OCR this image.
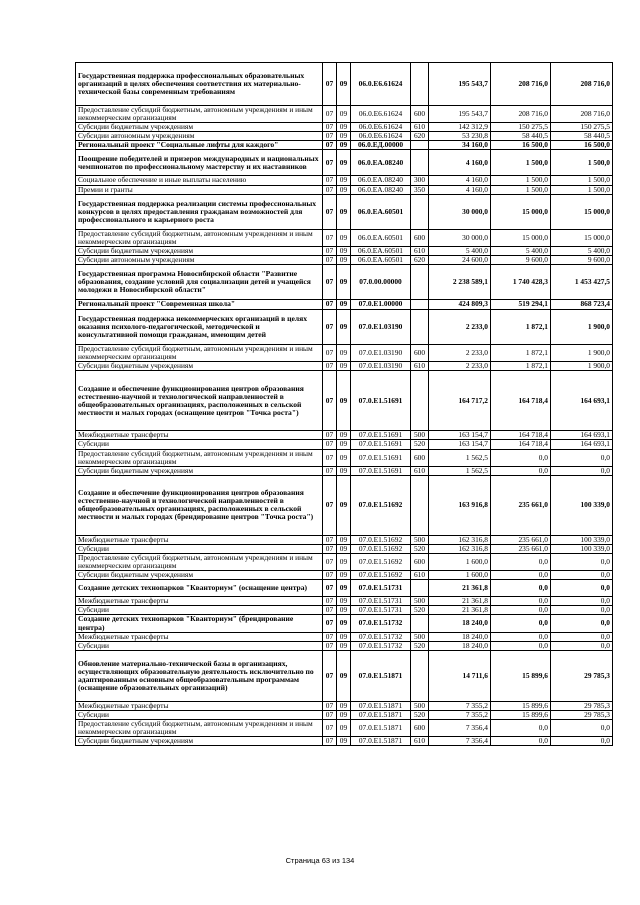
Государственная поддержка профессиональных образовательных организаций в целях обеспечения соответствия их материально-технической базы современным требованиям	07	09	06.0.Е6.61624		195 543,7	208 716,0	208 716,0
Предоставление субсидий бюджетным, автономным учреждениям и иным некоммерческим организациям	07	09	06.0.Е6.61624	600	195 543,7	208 716,0	208 716,0
Субсидии бюджетным учреждениям	07	09	06.0.Е6.61624	610	142 312,9	150 275,5	150 275,5
Субсидии автономным учреждениям	07	09	06.0.Е6.61624	620	53 230,8	58 440,5	58 440,5
Региональный проект "Социальные лифты для каждого"	07	09	06.0.ЕД.00000		34 160,0	16 500,0	16 500,0
Поощрение победителей и призеров международных и национальных чемпионатов по профессиональному мастерству и их наставников	07	09	06.0.ЕА.08240		4 160,0	1 500,0	1 500,0
Социальное обеспечение и иные выплаты населению	07	09	06.0.ЕА.08240	300	4 160,0	1 500,0	1 500,0
Премии и гранты	07	09	06.0.ЕА.08240	350	4 160,0	1 500,0	1 500,0
Государственная поддержка реализации системы профессиональных конкурсов в целях предоставления гражданам возможностей для профессионального и карьерного роста	07	09	06.0.ЕА.60501		30 000,0	15 000,0	15 000,0
Предоставление субсидий бюджетным, автономным учреждениям и иным некоммерческим организациям	07	09	06.0.ЕА.60501	600	30 000,0	15 000,0	15 000,0
Субсидии бюджетным учреждениям	07	09	06.0.ЕА.60501	610	5 400,0	5 400,0	5 400,0
Субсидии автономным учреждениям	07	09	06.0.ЕА.60501	620	24 600,0	9 600,0	9 600,0
Государственная программа Новосибирской области "Развитие образования, создание условий для социализации детей и учащейся молодежи в Новосибирской области"	07	09	07.0.00.00000		2 238 589,1	1 740 428,3	1 453 427,5
Региональный проект "Современная школа"	07	09	07.0.Е1.00000		424 809,3	519 294,1	868 723,4
Государственная поддержка некоммерческих организаций в целях оказания психолого-педагогической, методической и консультативной помощи гражданам, имеющим детей	07	09	07.0.Е1.03190		2 233,0	1 872,1	1 900,0
Предоставление субсидий бюджетным, автономным учреждениям и иным некоммерческим организациям	07	09	07.0.Е1.03190	600	2 233,0	1 872,1	1 900,0
Субсидии бюджетным учреждениям	07	09	07.0.Е1.03190	610	2 233,0	1 872,1	1 900,0
Создание и обеспечение функционирования центров образования естественно-научной и технологической направленностей в общеобразовательных организациях, расположенных в сельской местности и малых городах (оснащение центров "Точка роста")	07	09	07.0.Е1.51691		164 717,2	164 718,4	164 693,1
Межбюджетные трансферты	07	09	07.0.Е1.51691	500	163 154,7	164 718,4	164 693,1
Субсидии	07	09	07.0.Е1.51691	520	163 154,7	164 718,4	164 693,1
Предоставление субсидий бюджетным, автономным учреждениям и иным некоммерческим организациям	07	09	07.0.Е1.51691	600	1 562,5	0,0	0,0
Субсидии бюджетным учреждениям	07	09	07.0.Е1.51691	610	1 562,5	0,0	0,0
Создание и обеспечение функционирования центров образования естественно-научной и технологической направленностей в общеобразовательных организациях, расположенных в сельской местности и малых городах (брендирование центров "Точка роста")	07	09	07.0.Е1.51692		163 916,8	235 661,0	100 339,0
Межбюджетные трансферты	07	09	07.0.Е1.51692	500	162 316,8	235 661,0	100 339,0
Субсидии	07	09	07.0.Е1.51692	520	162 316,8	235 661,0	100 339,0
Предоставление субсидий бюджетным, автономным учреждениям и иным некоммерческим организациям	07	09	07.0.Е1.51692	600	1 600,0	0,0	0,0
Субсидии бюджетным учреждениям	07	09	07.0.Е1.51692	610	1 600,0	0,0	0,0
Создание детских технопарков "Кванториум" (оснащение центра)	07	09	07.0.Е1.51731		21 361,8	0,0	0,0
Межбюджетные трансферты	07	09	07.0.Е1.51731	500	21 361,8	0,0	0,0
Субсидии	07	09	07.0.Е1.51731	520	21 361,8	0,0	0,0
Создание детских технопарков "Кванториум" (брендирование центра)	07	09	07.0.Е1.51732		18 240,0	0,0	0,0
Межбюджетные трансферты	07	09	07.0.Е1.51732	500	18 240,0	0,0	0,0
Субсидии	07	09	07.0.Е1.51732	520	18 240,0	0,0	0,0
Обновление материально-технической базы в организациях, осуществляющих образовательную деятельность исключительно по адаптированным основным общеобразовательным программам (оснащение образовательных организаций)	07	09	07.0.Е1.51871		14 711,6	15 899,6	29 785,3
Межбюджетные трансферты	07	09	07.0.Е1.51871	500	7 355,2	15 899,6	29 785,3
Субсидии	07	09	07.0.Е1.51871	520	7 355,2	15 899,6	29 785,3
Предоставление субсидий бюджетным, автономным учреждениям и иным некоммерческим организациям	07	09	07.0.Е1.51871	600	7 356,4	0,0	0,0
Субсидии бюджетным учреждениям	07	09	07.0.Е1.51871	610	7 356,4	0,0	0,0
Страница 63 из 134
